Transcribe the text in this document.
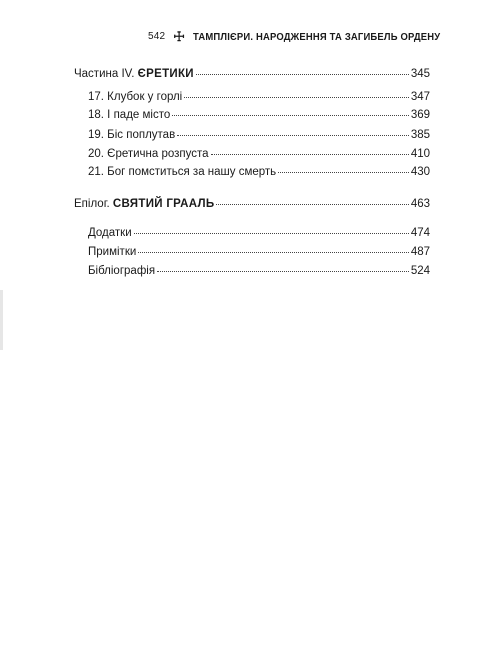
542 ☩ ТАМПЛІЄРИ. НАРОДЖЕННЯ ТА ЗАГИБЕЛЬ ОРДЕНУ
Частина IV. ЄРЕТИКИ	345
17. Клубок у горлі	347
18. І паде місто	369
19. Біс поплутав	385
20. Єретична розпуста	410
21. Бог помститься за нашу смерть	430
Епілог. СВЯТИЙ ГРААЛЬ	463
Додатки	474
Примітки	487
Бібліографія	524
